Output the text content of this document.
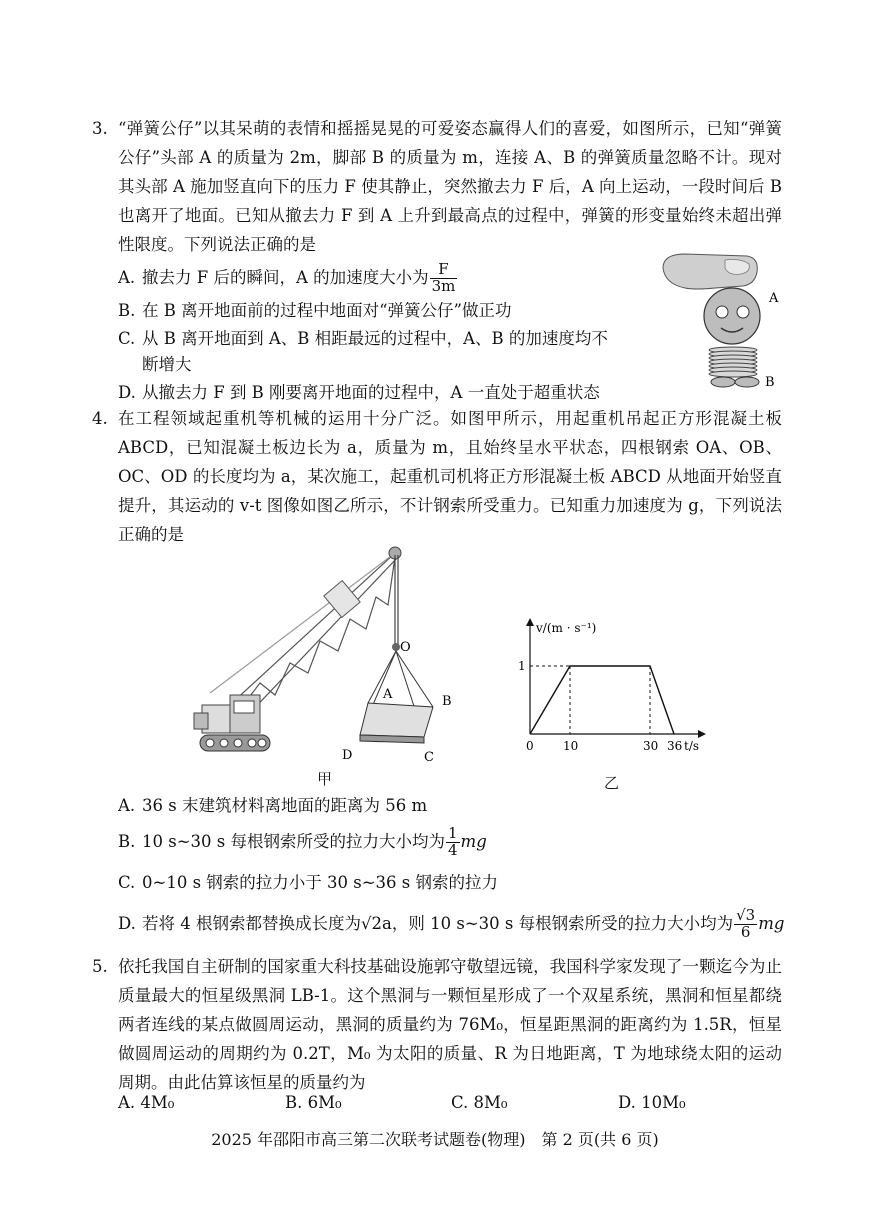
3. “弹簧公仔”以其呆萌的表情和摇摇晃晃的可爱姿态赢得人们的喜爱，如图所示，已知“弹簧公仔”头部 A 的质量为 2m，脚部 B 的质量为 m，连接 A、B 的弹簧质量忽略不计。现对其头部 A 施加竖直向下的压力 F 使其静止，突然撤去力 F 后，A 向上运动，一段时间后 B 也离开了地面。已知从撤去力 F 到 A 上升到最高点的过程中，弹簧的形变量始终未超出弹性限度。下列说法正确的是
A. 撤去力 F 后的瞬间，A 的加速度大小为 $\frac{F}{3m}$
B. 在 B 离开地面前的过程中地面对“弹簧公仔”做正功
C. 从 B 离开地面到 A、B 相距最远的过程中，A、B 的加速度均不
断增大
D. 从撤去力 F 到 B 刚要离开地面的过程中，A 一直处于超重状态
A
B
4. 在工程领域起重机等机械的运用十分广泛。如图甲所示，用起重机吊起正方形混凝土板 ABCD，已知混凝土板边长为 a，质量为 m，且始终呈水平状态，四根钢索 OA、OB、OC、OD 的长度均为 a，某次施工，起重机司机将正方形混凝土板 ABCD 从地面开始竖直提升，其运动的 v-t 图像如图乙所示，不计钢索所受重力。已知重力加速度为 g，下列说法正确的是
O
A	B
C
D
甲
v/(m · s⁻¹)
t/s
0 10	30 36
1
乙
A. 36 s 末建筑材料离地面的距离为 56 m
B. 10 s~30 s 每根钢索所受的拉力大小均为 $\frac{1}{4}$ mg
C. 0~10 s 钢索的拉力小于 30 s~36 s 钢索的拉力
D. 若将 4 根钢索都替换成长度为√2a，则 10 s~30 s 每根钢索所受的拉力大小均为 $\frac{√3}{6}$ mg
5. 依托我国自主研制的国家重大科技基础设施郭守敬望远镜，我国科学家发现了一颗迄今为止质量最大的恒星级黑洞 LB-1。这个黑洞与一颗恒星形成了一个双星系统，黑洞和恒星都绕两者连线的某点做圆周运动，黑洞的质量约为 76M₀，恒星距黑洞的距离约为 1.5R，恒星做圆周运动的周期约为 0.2T，M₀ 为太阳的质量、R 为日地距离，T 为地球绕太阳的运动周期。由此估算该恒星的质量约为
A. 4M₀	B. 6M₀	C. 8M₀	D. 10M₀
2025 年邵阳市高三第二次联考试题卷(物理)　第 2 页(共 6 页)
